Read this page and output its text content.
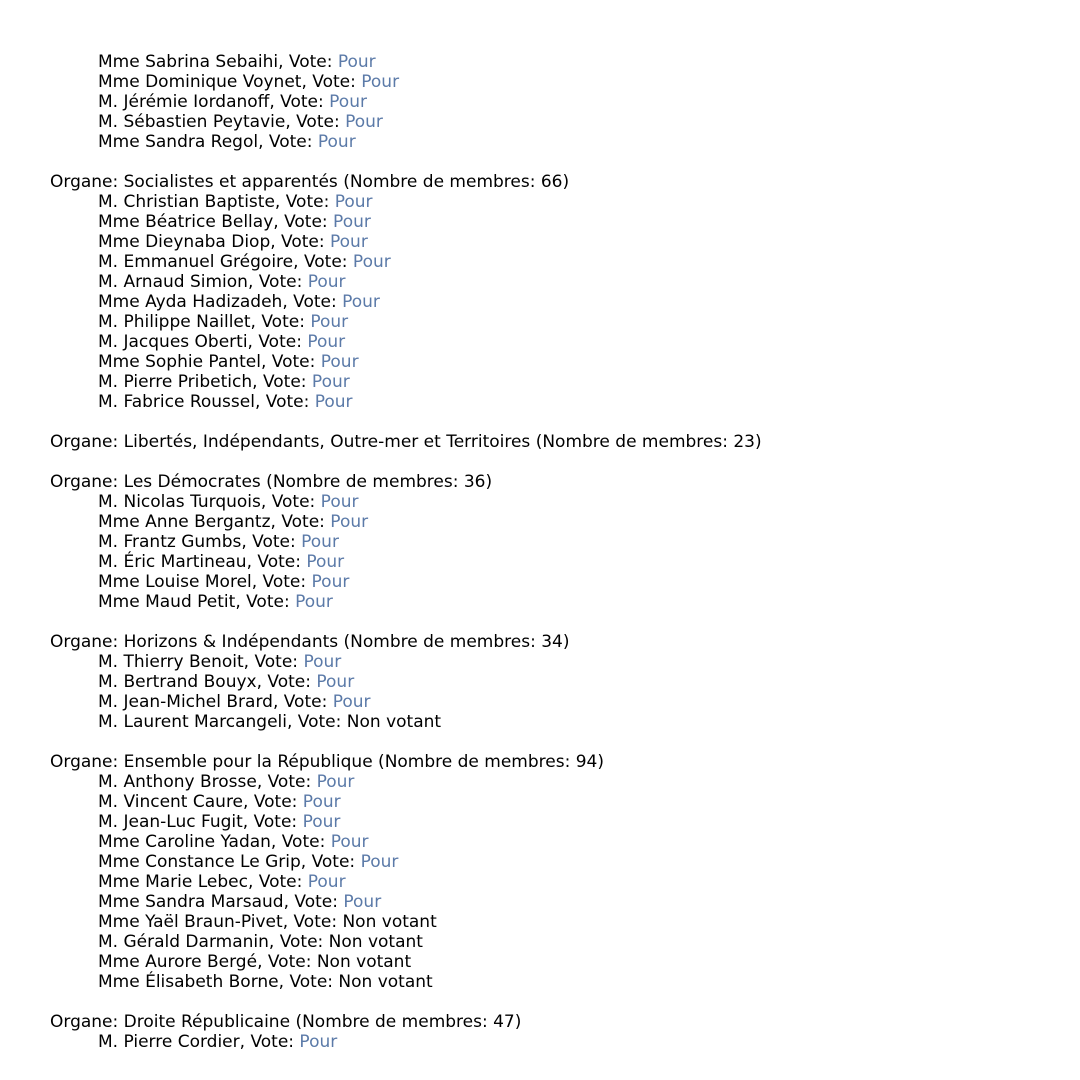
Mme Sabrina Sebaihi, Vote: Pour
Mme Dominique Voynet, Vote: Pour
M. Jérémie Iordanoff, Vote: Pour
M. Sébastien Peytavie, Vote: Pour
Mme Sandra Regol, Vote: Pour
Organe: Socialistes et apparentés (Nombre de membres: 66)
M. Christian Baptiste, Vote: Pour
Mme Béatrice Bellay, Vote: Pour
Mme Dieynaba Diop, Vote: Pour
M. Emmanuel Grégoire, Vote: Pour
M. Arnaud Simion, Vote: Pour
Mme Ayda Hadizadeh, Vote: Pour
M. Philippe Naillet, Vote: Pour
M. Jacques Oberti, Vote: Pour
Mme Sophie Pantel, Vote: Pour
M. Pierre Pribetich, Vote: Pour
M. Fabrice Roussel, Vote: Pour
Organe: Libertés, Indépendants, Outre-mer et Territoires (Nombre de membres: 23)
Organe: Les Démocrates (Nombre de membres: 36)
M. Nicolas Turquois, Vote: Pour
Mme Anne Bergantz, Vote: Pour
M. Frantz Gumbs, Vote: Pour
M. Éric Martineau, Vote: Pour
Mme Louise Morel, Vote: Pour
Mme Maud Petit, Vote: Pour
Organe: Horizons & Indépendants (Nombre de membres: 34)
M. Thierry Benoit, Vote: Pour
M. Bertrand Bouyx, Vote: Pour
M. Jean-Michel Brard, Vote: Pour
M. Laurent Marcangeli, Vote: Non votant
Organe: Ensemble pour la République (Nombre de membres: 94)
M. Anthony Brosse, Vote: Pour
M. Vincent Caure, Vote: Pour
M. Jean-Luc Fugit, Vote: Pour
Mme Caroline Yadan, Vote: Pour
Mme Constance Le Grip, Vote: Pour
Mme Marie Lebec, Vote: Pour
Mme Sandra Marsaud, Vote: Pour
Mme Yaël Braun-Pivet, Vote: Non votant
M. Gérald Darmanin, Vote: Non votant
Mme Aurore Bergé, Vote: Non votant
Mme Élisabeth Borne, Vote: Non votant
Organe: Droite Républicaine (Nombre de membres: 47)
M. Pierre Cordier, Vote: Pour
